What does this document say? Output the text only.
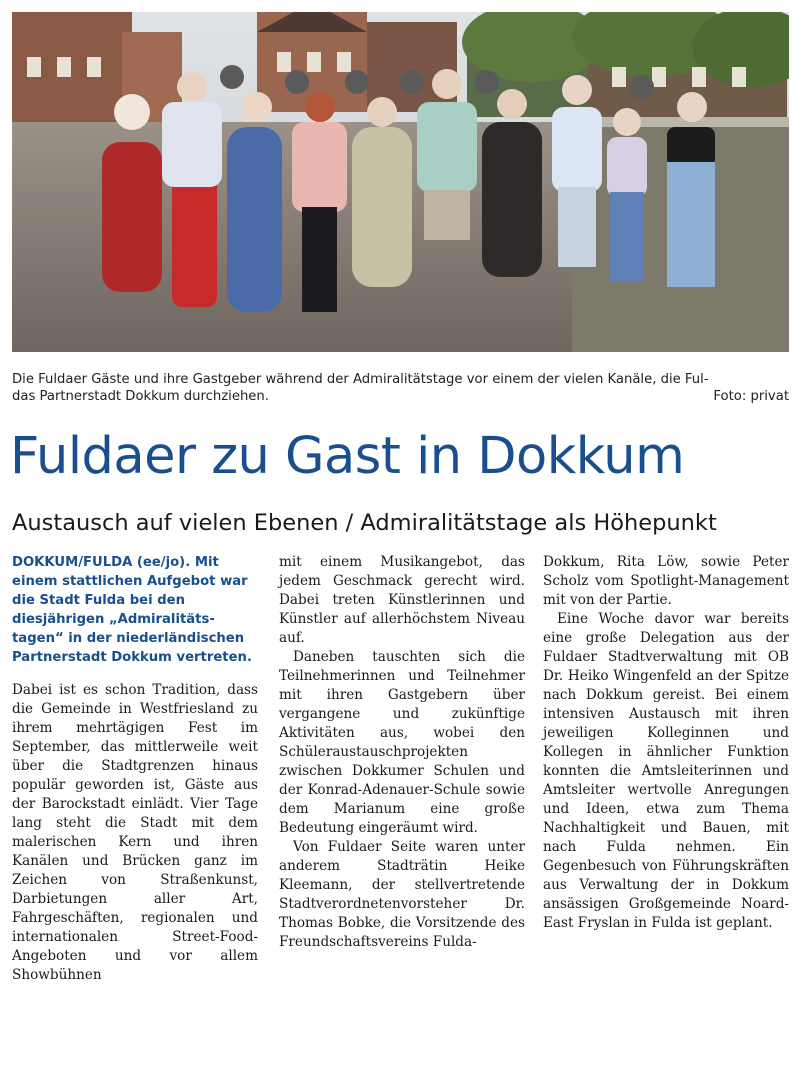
Die Fuldaer Gäste und ihre Gastgeber während der Admiralitätstage vor einem der vielen Kanäle, die Ful-
das Partnerstadt Dokkum durchziehen.	Foto: privat
Fuldaer zu Gast in Dokkum
Austausch auf vielen Ebenen / Admiralitätstage als Höhepunkt

DOKKUM/FULDA (ee/jo). Mit einem stattlichen Aufgebot war die Stadt Fulda bei den diesjährigen „Admiralitätstagen“ in der niederländischen Partnerstadt Dokkum vertreten.

Dabei ist es schon Tradition, dass die Gemeinde in Westfriesland zu ihrem mehrtägigen Fest im September, das mittlerweile weit über die Stadtgrenzen hinaus populär geworden ist, Gäste aus der Barockstadt einlädt. Vier Tage lang steht die Stadt mit dem malerischen Kern und ihren Kanälen und Brücken ganz im Zeichen von Straßenkunst, Darbietungen aller Art, Fahrgeschäften, regionalen und internationalen Street-Food-Angeboten und vor allem Showbühnen

mit einem Musikangebot, das jedem Geschmack gerecht wird. Dabei treten Künstlerinnen und Künstler auf allerhöchstem Niveau auf.

Daneben tauschten sich die Teilnehmerinnen und Teilnehmer mit ihren Gastgebern über vergangene und zukünftige Aktivitäten aus, wobei den Schüleraustauschprojekten zwischen Dokkumer Schulen und der Konrad-Adenauer-Schule sowie dem Marianum eine große Bedeutung eingeräumt wird.

Von Fuldaer Seite waren unter anderem Stadträtin Heike Kleemann, der stellvertretende Stadtverordnetenvorsteher Dr. Thomas Bobke, die Vorsitzende des Freundschaftsvereins Fulda-

Dokkum, Rita Löw, sowie Peter Scholz vom Spotlight-Management mit von der Partie.

Eine Woche davor war bereits eine große Delegation aus der Fuldaer Stadtverwaltung mit OB Dr. Heiko Wingenfeld an der Spitze nach Dokkum gereist. Bei einem intensiven Austausch mit ihren jeweiligen Kolleginnen und Kollegen in ähnlicher Funktion konnten die Amtsleiterinnen und Amtsleiter wertvolle Anregungen und Ideen, etwa zum Thema Nachhaltigkeit und Bauen, mit nach Fulda nehmen. Ein Gegenbesuch von Führungskräften aus Verwaltung der in Dokkum ansässigen Großgemeinde Noard-East Fryslan in Fulda ist geplant.
